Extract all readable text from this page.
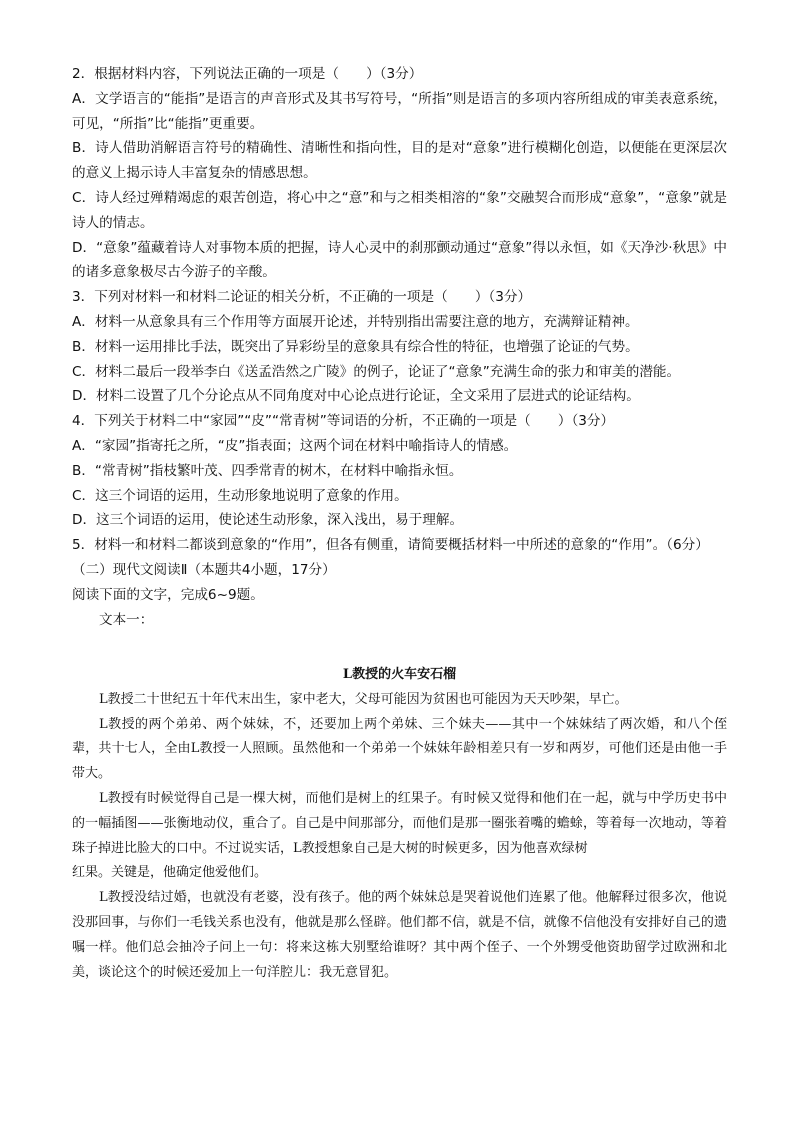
2．根据材料内容，下列说法正确的一项是（　　）（3分）

A．文学语言的“能指”是语言的声音形式及其书写符号，“所指”则是语言的多项内容所组成的审美表意系统，可见，“所指”比“能指”更重要。

B．诗人借助消解语言符号的精确性、清晰性和指向性，目的是对“意象”进行模糊化创造，以便能在更深层次的意义上揭示诗人丰富复杂的情感思想。

C．诗人经过殚精竭虑的艰苦创造，将心中之“意”和与之相类相溶的“象”交融契合而形成“意象”，“意象”就是诗人的情志。

D．“意象”蕴藏着诗人对事物本质的把握，诗人心灵中的刹那颤动通过“意象”得以永恒，如《天净沙·秋思》中的诸多意象极尽古今游子的辛酸。

3．下列对材料一和材料二论证的相关分析，不正确的一项是（　　）（3分）

A．材料一从意象具有三个作用等方面展开论述，并特别指出需要注意的地方，充满辩证精神。

B．材料一运用排比手法，既突出了异彩纷呈的意象具有综合性的特征，也增强了论证的气势。

C．材料二最后一段举李白《送孟浩然之广陵》的例子，论证了“意象”充满生命的张力和审美的潜能。

D．材料二设置了几个分论点从不同角度对中心论点进行论证，全文采用了层进式的论证结构。

4．下列关于材料二中“家园”“皮”“常青树”等词语的分析，不正确的一项是（　　）（3分）

A．“家园”指寄托之所，“皮”指表面；这两个词在材料中喻指诗人的情感。

B．“常青树”指枝繁叶茂、四季常青的树木，在材料中喻指永恒。

C．这三个词语的运用，生动形象地说明了意象的作用。

D．这三个词语的运用，使论述生动形象，深入浅出，易于理解。

5．材料一和材料二都谈到意象的“作用”，但各有侧重，请简要概括材料一中所述的意象的“作用”。（6分）

（二）现代文阅读Ⅱ（本题共4小题，17分）

阅读下面的文字，完成6~9题。

文本一：

L教授的火车安石榴

L教授二十世纪五十年代末出生，家中老大，父母可能因为贫困也可能因为天天吵架，早亡。

L教授的两个弟弟、两个妹妹，不，还要加上两个弟妹、三个妹夫——其中一个妹妹结了两次婚，和八个侄辈，共十七人，全由L教授一人照顾。虽然他和一个弟弟一个妹妹年龄相差只有一岁和两岁，可他们还是由他一手带大。

L教授有时候觉得自己是一棵大树，而他们是树上的红果子。有时候又觉得和他们在一起，就与中学历史书中的一幅插图——张衡地动仪，重合了。自己是中间那部分，而他们是那一圈张着嘴的蟾蜍，等着每一次地动，等着珠子掉进比脸大的口中。不过说实话，L教授想象自己是大树的时候更多，因为他喜欢绿树

红果。关键是，他确定他爱他们。

L教授没结过婚，也就没有老婆，没有孩子。他的两个妹妹总是哭着说他们连累了他。他解释过很多次，他说没那回事，与你们一毛钱关系也没有，他就是那么怪辟。他们都不信，就是不信，就像不信他没有安排好自己的遗嘱一样。他们总会抽冷子问上一句：将来这栋大别墅给谁呀？其中两个侄子、一个外甥受他资助留学过欧洲和北美，谈论这个的时候还爱加上一句洋腔儿：我无意冒犯。
